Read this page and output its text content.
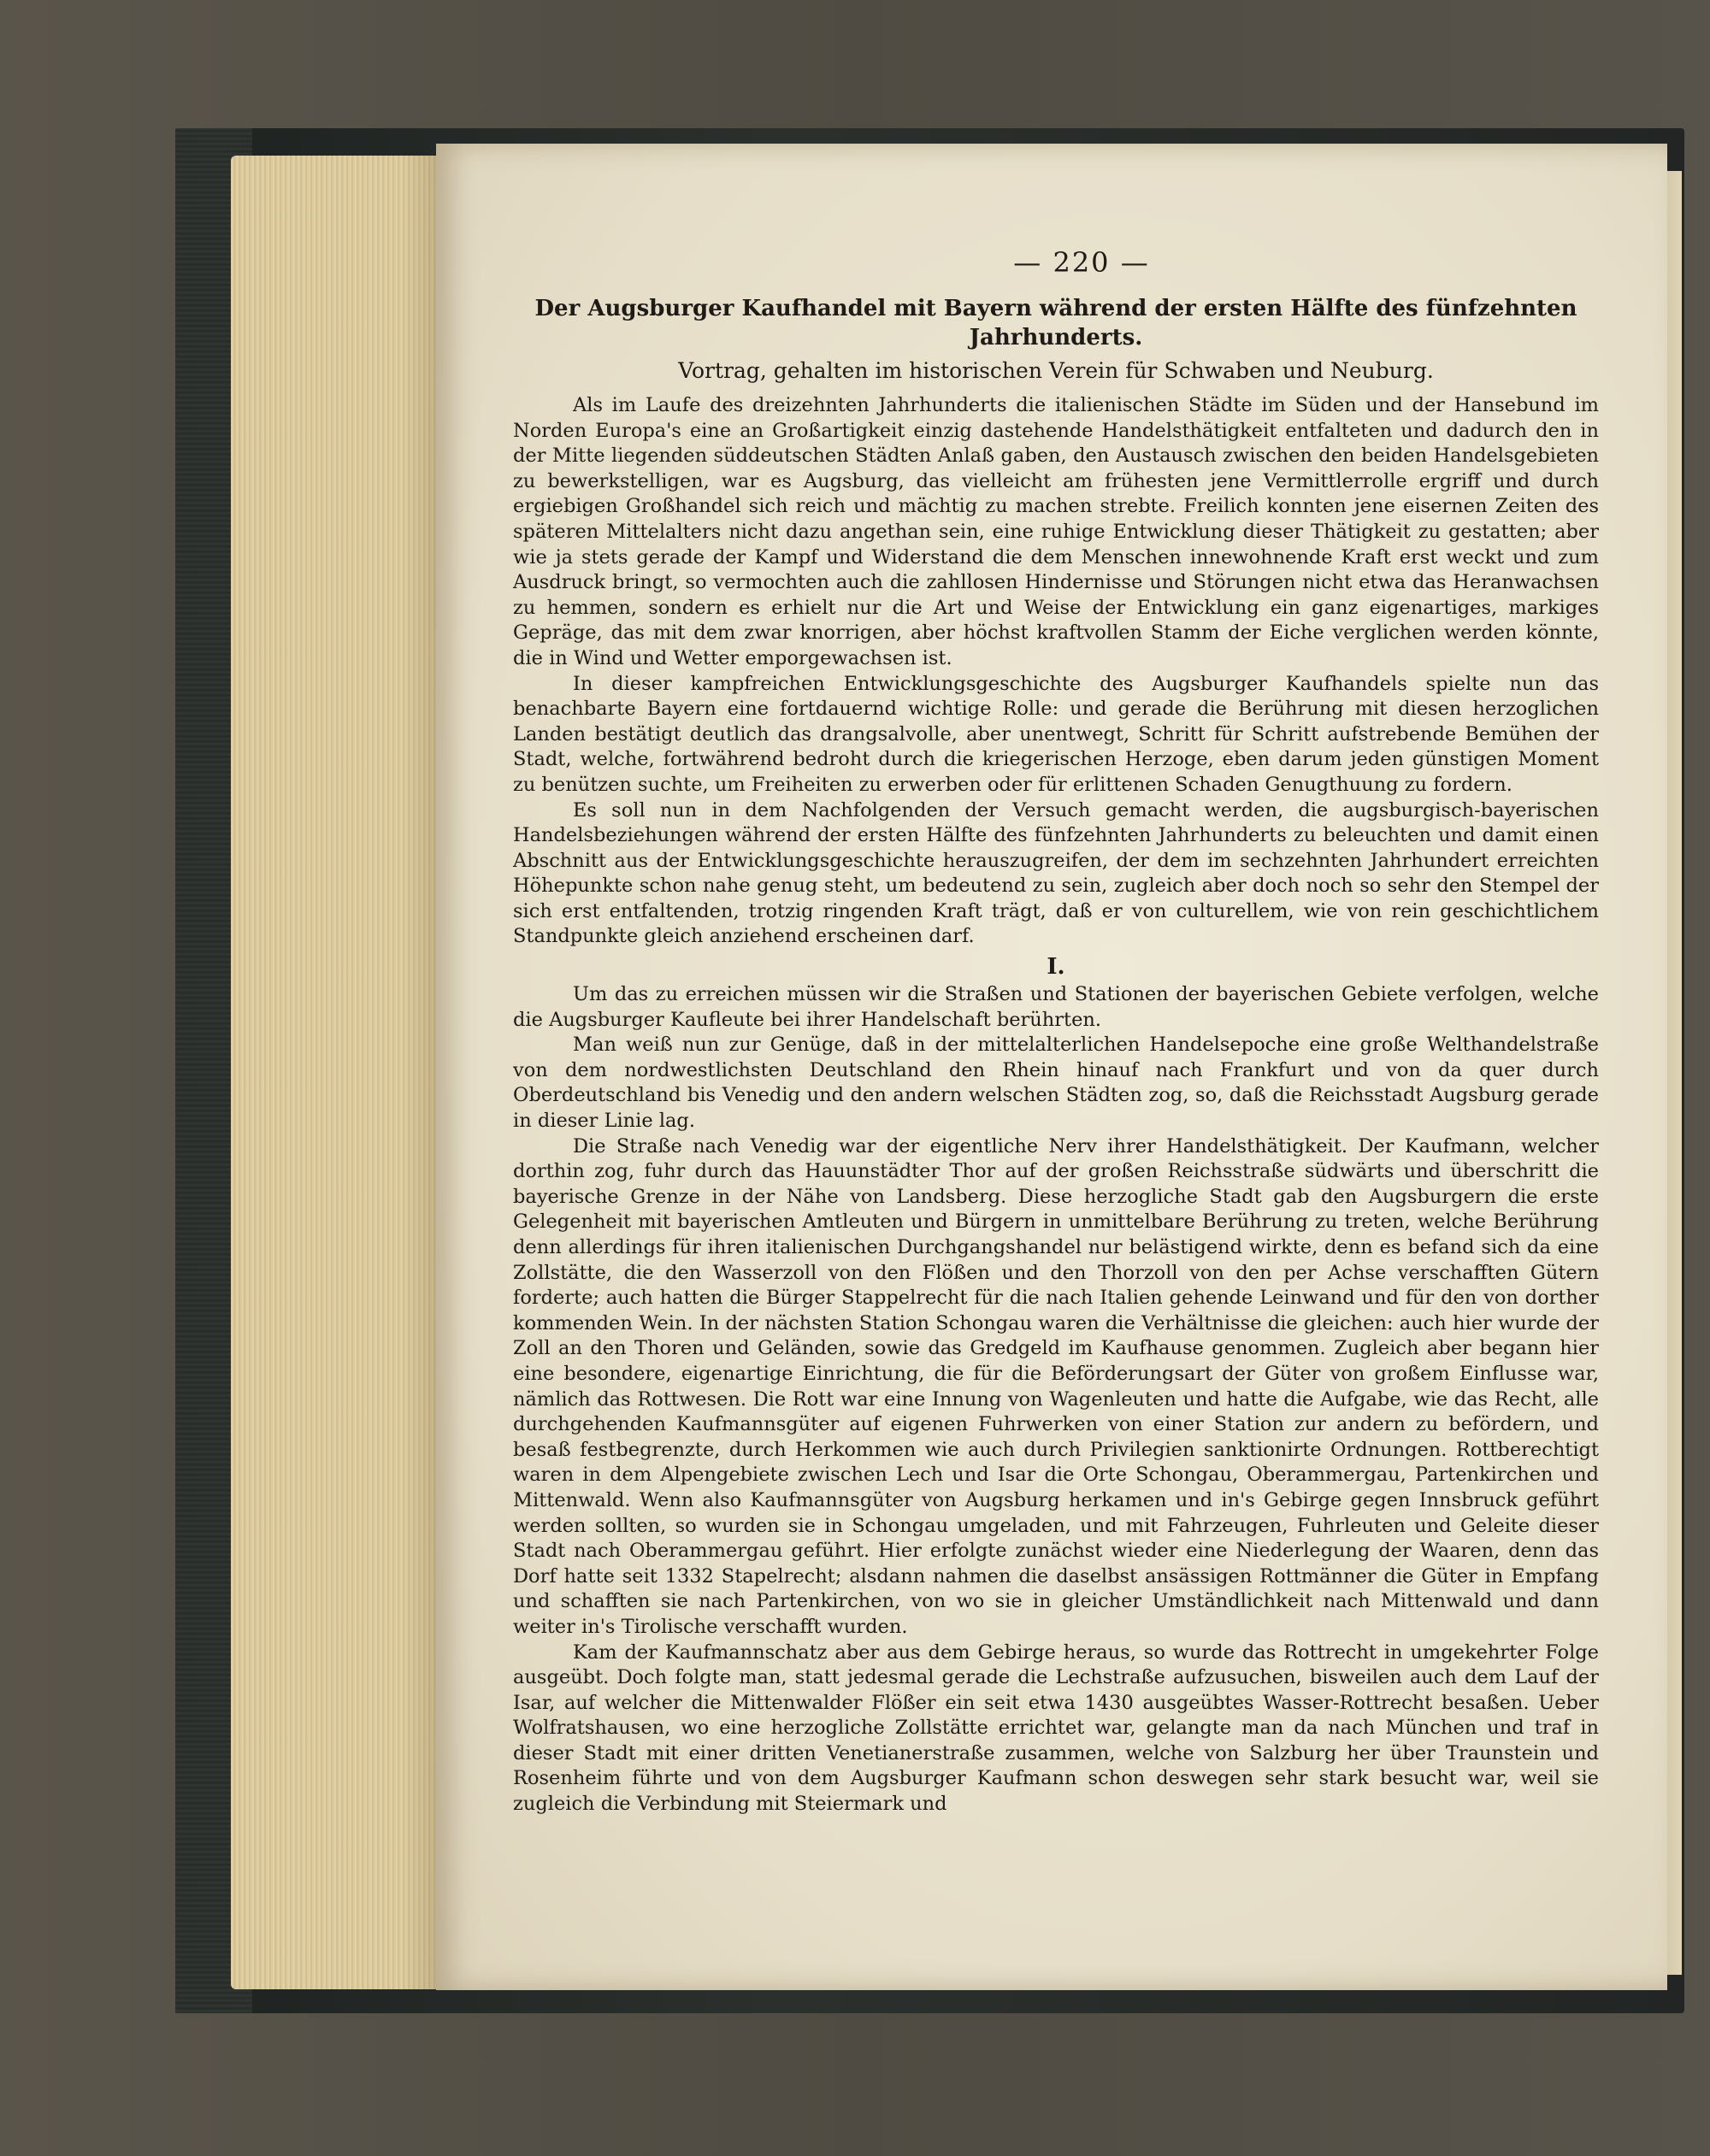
— 220 —
Der Augsburger Kaufhandel mit Bayern während der ersten Hälfte des fünfzehnten Jahrhunderts.
Vortrag, gehalten im historischen Verein für Schwaben und Neuburg.

Als im Laufe des dreizehnten Jahrhunderts die italienischen Städte im Süden und der Hansebund im Norden Europa's eine an Großartigkeit einzig dastehende Handelsthätigkeit entfalteten und dadurch den in der Mitte liegenden süddeutschen Städten Anlaß gaben, den Austausch zwischen den beiden Handelsgebieten zu bewerkstelligen, war es Augsburg, das vielleicht am frühesten jene Vermittlerrolle ergriff und durch ergiebigen Großhandel sich reich und mächtig zu machen strebte. Freilich konnten jene eisernen Zeiten des späteren Mittelalters nicht dazu angethan sein, eine ruhige Entwicklung dieser Thätigkeit zu gestatten; aber wie ja stets gerade der Kampf und Widerstand die dem Menschen innewohnende Kraft erst weckt und zum Ausdruck bringt, so vermochten auch die zahllosen Hindernisse und Störungen nicht etwa das Heranwachsen zu hemmen, sondern es erhielt nur die Art und Weise der Entwicklung ein ganz eigenartiges, markiges Gepräge, das mit dem zwar knorrigen, aber höchst kraftvollen Stamm der Eiche verglichen werden könnte, die in Wind und Wetter emporgewachsen ist.

In dieser kampfreichen Entwicklungsgeschichte des Augsburger Kaufhandels spielte nun das benachbarte Bayern eine fortdauernd wichtige Rolle: und gerade die Berührung mit diesen herzoglichen Landen bestätigt deutlich das drangsalvolle, aber unentwegt, Schritt für Schritt aufstrebende Bemühen der Stadt, welche, fortwährend bedroht durch die kriegerischen Herzoge, eben darum jeden günstigen Moment zu benützen suchte, um Freiheiten zu erwerben oder für erlittenen Schaden Genugthuung zu fordern.

Es soll nun in dem Nachfolgenden der Versuch gemacht werden, die augsburgisch-bayerischen Handelsbeziehungen während der ersten Hälfte des fünfzehnten Jahrhunderts zu beleuchten und damit einen Abschnitt aus der Entwicklungsgeschichte herauszugreifen, der dem im sechzehnten Jahrhundert erreichten Höhepunkte schon nahe genug steht, um bedeutend zu sein, zugleich aber doch noch so sehr den Stempel der sich erst entfaltenden, trotzig ringenden Kraft trägt, daß er von culturellem, wie von rein geschichtlichem Standpunkte gleich anziehend erscheinen darf.

I.

Um das zu erreichen müssen wir die Straßen und Stationen der bayerischen Gebiete verfolgen, welche die Augsburger Kaufleute bei ihrer Handelschaft berührten.

Man weiß nun zur Genüge, daß in der mittelalterlichen Handelsepoche eine große Welthandelstraße von dem nordwestlichsten Deutschland den Rhein hinauf nach Frankfurt und von da quer durch Oberdeutschland bis Venedig und den andern welschen Städten zog, so, daß die Reichsstadt Augsburg gerade in dieser Linie lag.

Die Straße nach Venedig war der eigentliche Nerv ihrer Handelsthätigkeit. Der Kaufmann, welcher dorthin zog, fuhr durch das Hauunstädter Thor auf der großen Reichsstraße südwärts und überschritt die bayerische Grenze in der Nähe von Landsberg. Diese herzogliche Stadt gab den Augsburgern die erste Gelegenheit mit bayerischen Amtleuten und Bürgern in unmittelbare Berührung zu treten, welche Berührung denn allerdings für ihren italienischen Durchgangshandel nur belästigend wirkte, denn es befand sich da eine Zollstätte, die den Wasserzoll von den Flößen und den Thorzoll von den per Achse verschafften Gütern forderte; auch hatten die Bürger Stappelrecht für die nach Italien gehende Leinwand und für den von dorther kommenden Wein. In der nächsten Station Schongau waren die Verhältnisse die gleichen: auch hier wurde der Zoll an den Thoren und Geländen, sowie das Gredgeld im Kaufhause genommen. Zugleich aber begann hier eine besondere, eigenartige Einrichtung, die für die Beförderungsart der Güter von großem Einflusse war, nämlich das Rottwesen. Die Rott war eine Innung von Wagenleuten und hatte die Aufgabe, wie das Recht, alle durchgehenden Kaufmannsgüter auf eigenen Fuhrwerken von einer Station zur andern zu befördern, und besaß festbegrenzte, durch Herkommen wie auch durch Privilegien sanktionirte Ordnungen. Rottberechtigt waren in dem Alpengebiete zwischen Lech und Isar die Orte Schongau, Oberammergau, Partenkirchen und Mittenwald. Wenn also Kaufmannsgüter von Augsburg herkamen und in's Gebirge gegen Innsbruck geführt werden sollten, so wurden sie in Schongau umgeladen, und mit Fahrzeugen, Fuhrleuten und Geleite dieser Stadt nach Oberammergau geführt. Hier erfolgte zunächst wieder eine Niederlegung der Waaren, denn das Dorf hatte seit 1332 Stapelrecht; alsdann nahmen die daselbst ansässigen Rottmänner die Güter in Empfang und schafften sie nach Partenkirchen, von wo sie in gleicher Umständlichkeit nach Mittenwald und dann weiter in's Tirolische verschafft wurden.

Kam der Kaufmannschatz aber aus dem Gebirge heraus, so wurde das Rottrecht in umgekehrter Folge ausgeübt. Doch folgte man, statt jedesmal gerade die Lechstraße aufzusuchen, bisweilen auch dem Lauf der Isar, auf welcher die Mittenwalder Flößer ein seit etwa 1430 ausgeübtes Wasser-Rottrecht besaßen. Ueber Wolfratshausen, wo eine herzogliche Zollstätte errichtet war, gelangte man da nach München und traf in dieser Stadt mit einer dritten Venetianerstraße zusammen, welche von Salzburg her über Traunstein und Rosenheim führte und von dem Augsburger Kaufmann schon deswegen sehr stark besucht war, weil sie zugleich die Verbindung mit Steiermark und
